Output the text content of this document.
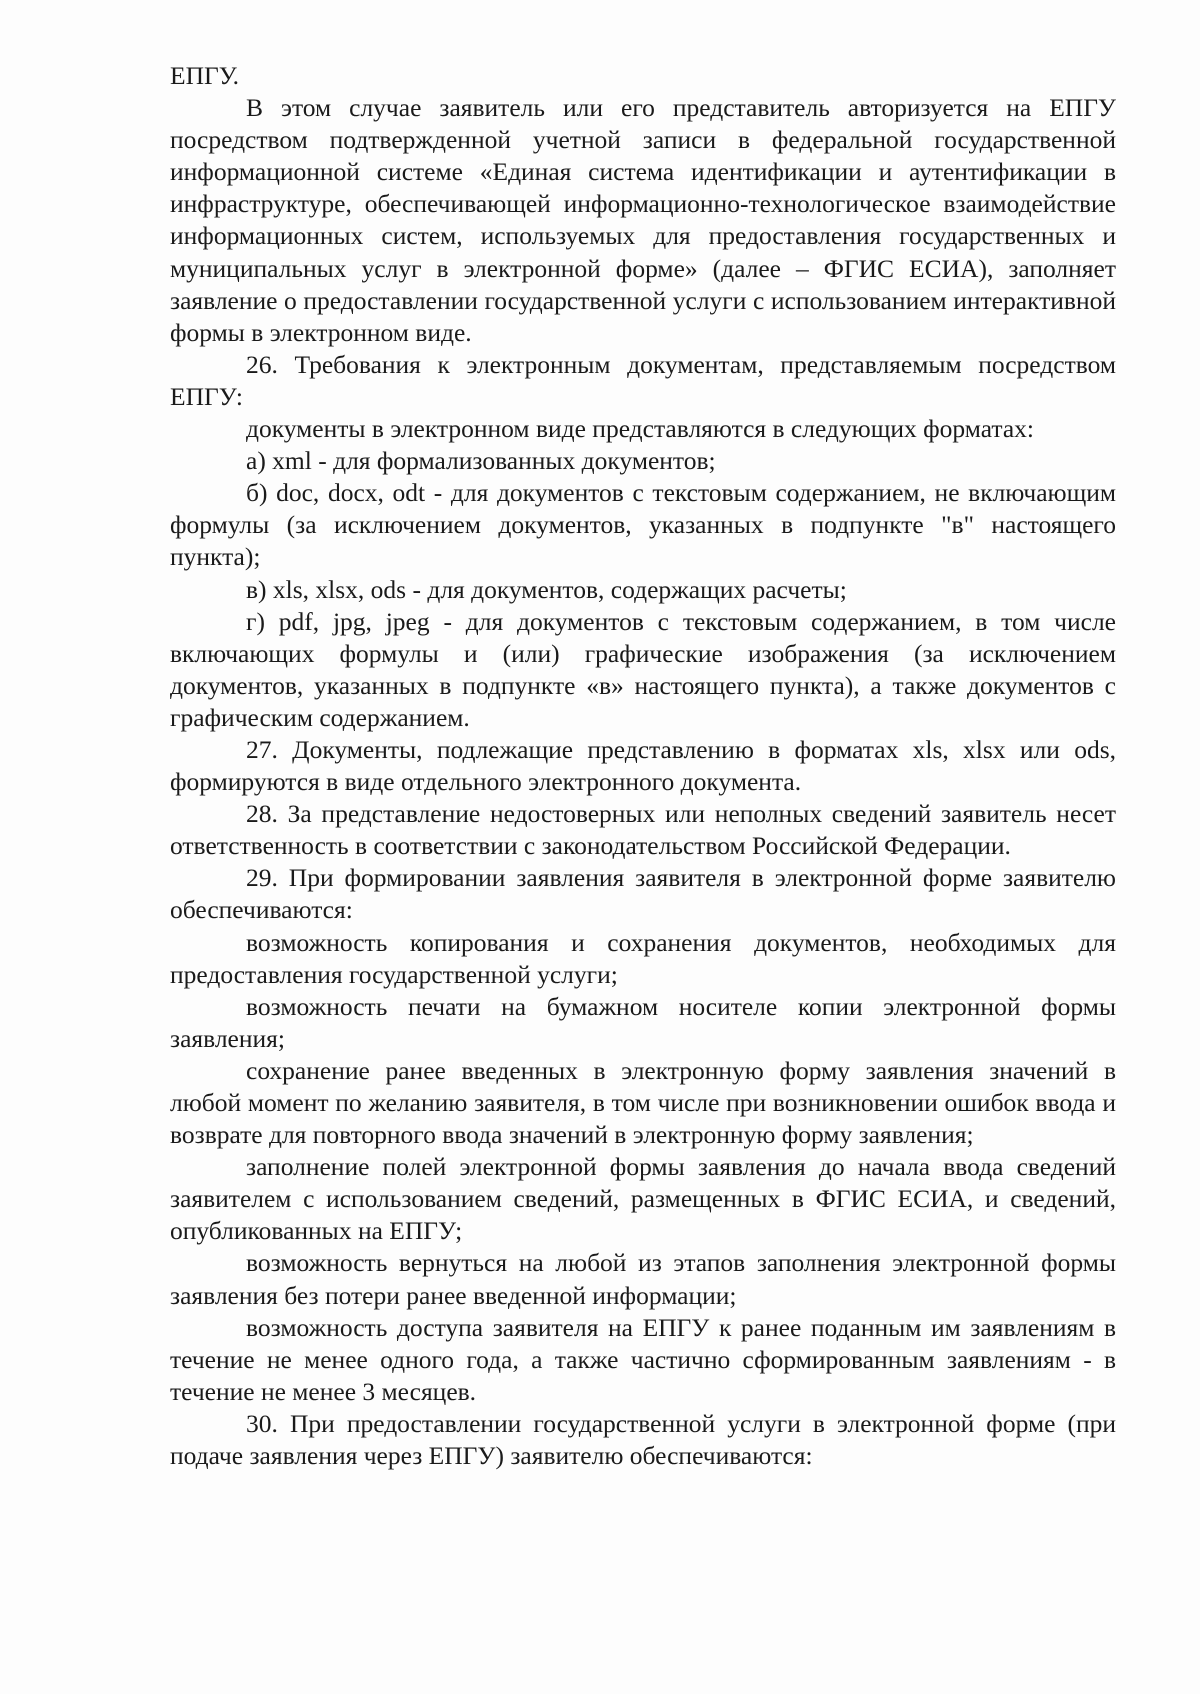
ЕПГУ.

В этом случае заявитель или его представитель авторизуется на ЕПГУ посредством подтвержденной учетной записи в федеральной государственной информационной системе «Единая система идентификации и аутентификации в инфраструктуре, обеспечивающей информационно-технологическое взаимодействие информационных систем, используемых для предоставления государственных и муниципальных услуг в электронной форме» (далее – ФГИС ЕСИА), заполняет заявление о предоставлении государственной услуги с использованием интерактивной формы в электронном виде.

26. Требования к электронным документам, представляемым посредством ЕПГУ:

документы в электронном виде представляются в следующих форматах:

а) xml - для формализованных документов;

б) doc, docx, odt - для документов с текстовым содержанием, не включающим формулы (за исключением документов, указанных в подпункте "в" настоящего пункта);

в) xls, xlsx, ods - для документов, содержащих расчеты;

г) pdf, jpg, jpeg - для документов с текстовым содержанием, в том числе включающих формулы и (или) графические изображения (за исключением документов, указанных в подпункте «в» настоящего пункта), а также документов с графическим содержанием.

27. Документы, подлежащие представлению в форматах xls, xlsx или ods, формируются в виде отдельного электронного документа.

28. За представление недостоверных или неполных сведений заявитель несет ответственность в соответствии с законодательством Российской Федерации.

29. При формировании заявления заявителя в электронной форме заявителю обеспечиваются:

возможность копирования и сохранения документов, необходимых для предоставления государственной услуги;

возможность печати на бумажном носителе копии электронной формы заявления;

сохранение ранее введенных в электронную форму заявления значений в любой момент по желанию заявителя, в том числе при возникновении ошибок ввода и возврате для повторного ввода значений в электронную форму заявления;

заполнение полей электронной формы заявления до начала ввода сведений заявителем с использованием сведений, размещенных в ФГИС ЕСИА, и сведений, опубликованных на ЕПГУ;

возможность вернуться на любой из этапов заполнения электронной формы заявления без потери ранее введенной информации;

возможность доступа заявителя на ЕПГУ к ранее поданным им заявлениям в течение не менее одного года, а также частично сформированным заявлениям - в течение не менее 3 месяцев.

30. При предоставлении государственной услуги в электронной форме (при подаче заявления через ЕПГУ) заявителю обеспечиваются:
